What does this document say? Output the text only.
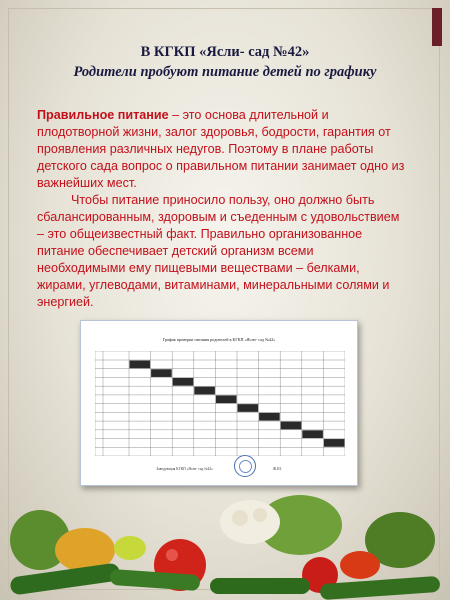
В КГКП «Ясли- сад №42»
Родители пробуют питание детей по графику

Правильное питание – это основа длительной и плодотворной жизни, залог здоровья, бодрости, гарантия от проявления различных недугов. Поэтому в плане работы детского сада вопрос о правильном питании занимает одно из важнейших мест.

Чтобы питание приносило пользу, оно должно быть сбалансированным, здоровым и съеденным с удовольствием – это общеизвестный факт. Правильно организованное питание обеспечивает детский организм всеми необходимыми ему пищевыми веществами – белками, жирами, углеводами, витаминами, минеральными солями и энергией.

График проверки питания родителей в КГКП «Ясли- сад №42»
Заведующая КГКП «Ясли- сад №42»	Ж.Ш.
